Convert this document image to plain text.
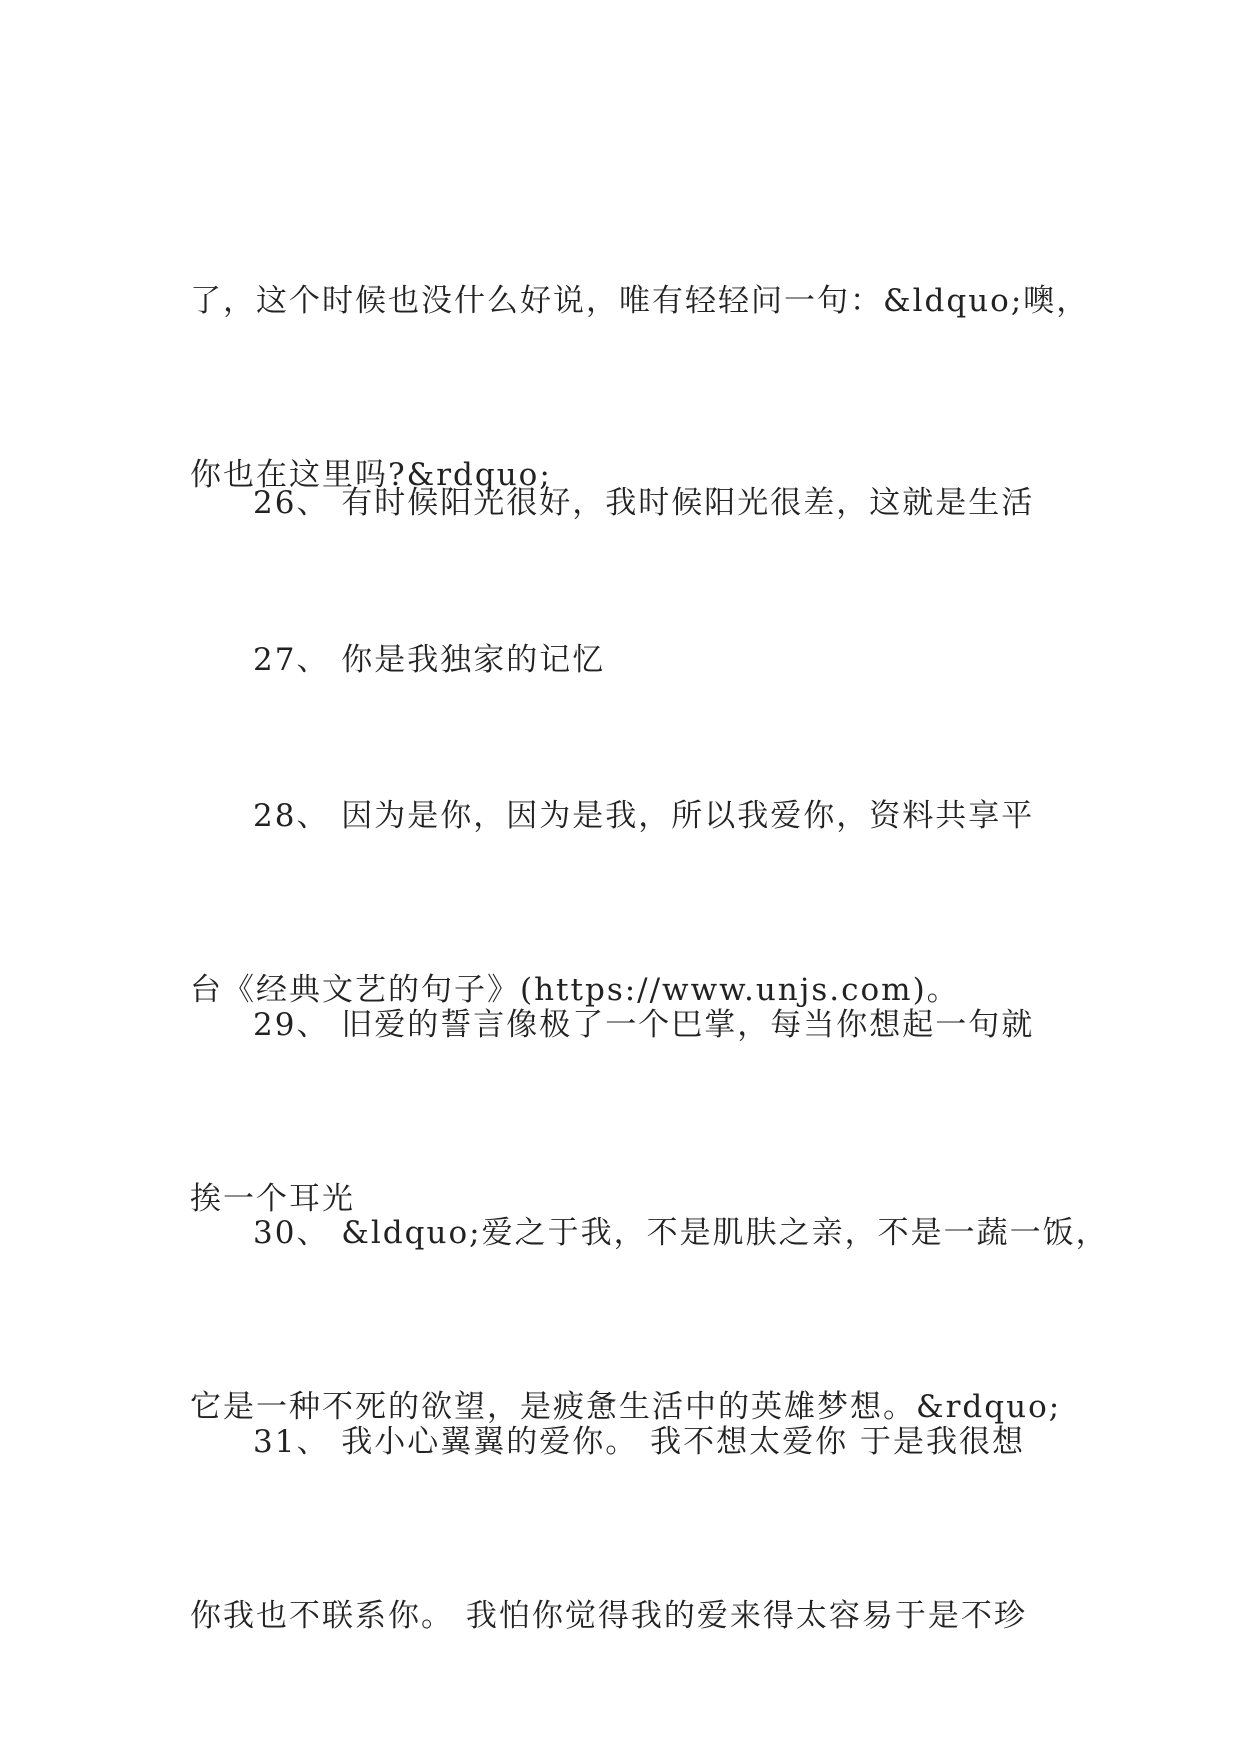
了，这个时候也没什么好说，唯有轻轻问一句：&ldquo;噢，

你也在这里吗?&rdquo;

26、 有时候阳光很好，我时候阳光很差，这就是生活

27、 你是我独家的记忆

28、 因为是你，因为是我，所以我爱你，资料共享平

台《经典文艺的句子》(https://www.unjs.com)。

29、 旧爱的誓言像极了一个巴掌，每当你想起一句就

挨一个耳光

30、 &ldquo;爱之于我，不是肌肤之亲，不是一蔬一饭，

它是一种不死的欲望，是疲惫生活中的英雄梦想。&rdquo;

31、 我小心翼翼的爱你。 我不想太爱你 于是我很想

你我也不联系你。 我怕你觉得我的爱来得太容易于是不珍
